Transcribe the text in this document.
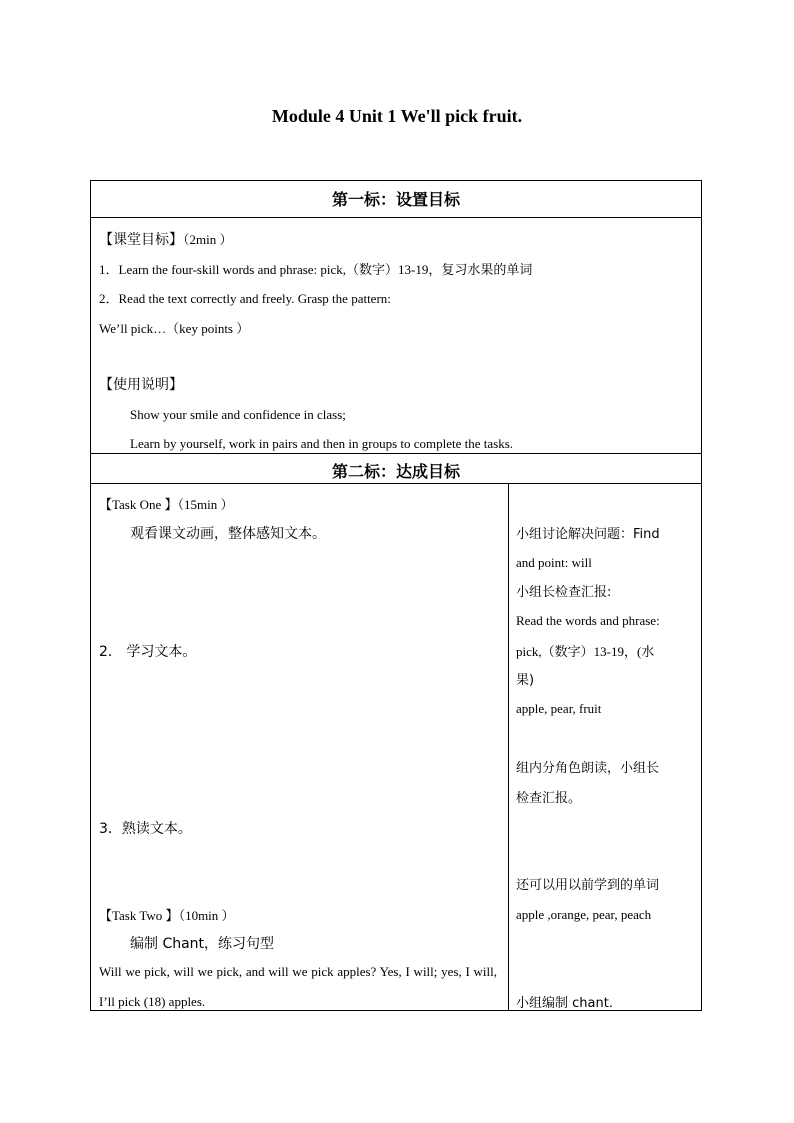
Module 4 Unit 1 We'll pick fruit.
第一标：设置目标
【课堂目标】（2min ）
1．Learn the four-skill words and phrase: pick,（数字）13-19，复习水果的单词
2．Read the text correctly and freely. Grasp the pattern:
We’ll pick…（key points ）
【使用说明】
Show your smile and confidence in class;
Learn by yourself, work in pairs and then in groups to complete the tasks.
第二标：达成目标
【Task One 】（15min ）
观看课文动画，整体感知文本。
2． 学习文本。
3．熟读文本。
【Task Two 】（10min ）
编制 Chant，练习句型
Will we pick, will we pick, and will we pick apples? Yes, I will; yes, I will, I’ll pick (18) apples.
小组讨论解决问题：Find
and point: will
小组长检查汇报:
Read the words and phrase:
pick,（数字）13-19，(水
果)
apple, pear, fruit
组内分角色朗读，小组长
检查汇报。
还可以用以前学到的单词
apple ,orange, pear, peach
小组编制 chant.
